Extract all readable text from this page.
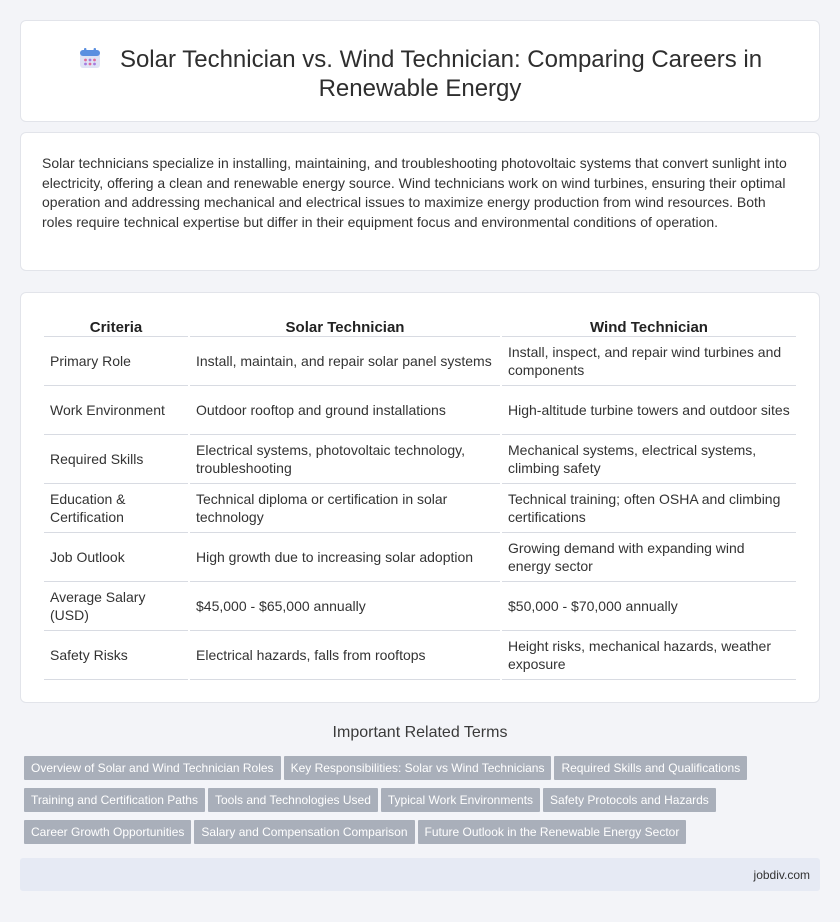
Solar Technician vs. Wind Technician: Comparing Careers in Renewable Energy

Solar technicians specialize in installing, maintaining, and troubleshooting photovoltaic systems that convert sunlight into electricity, offering a clean and renewable energy source. Wind technicians work on wind turbines, ensuring their optimal operation and addressing mechanical and electrical issues to maximize energy production from wind resources. Both roles require technical expertise but differ in their equipment focus and environmental conditions of operation.

Criteria	Solar Technician	Wind Technician
Primary Role	Install, maintain, and repair solar panel systems	Install, inspect, and repair wind turbines and components
Work Environment	Outdoor rooftop and ground installations	High-altitude turbine towers and outdoor sites
Required Skills	Electrical systems, photovoltaic technology, troubleshooting	Mechanical systems, electrical systems, climbing safety
Education & Certification	Technical diploma or certification in solar technology	Technical training; often OSHA and climbing certifications
Job Outlook	High growth due to increasing solar adoption	Growing demand with expanding wind energy sector
Average Salary (USD)	$45,000 - $65,000 annually	$50,000 - $70,000 annually
Safety Risks	Electrical hazards, falls from rooftops	Height risks, mechanical hazards, weather exposure
Important Related Terms
Overview of Solar and Wind Technician Roles Key Responsibilities: Solar vs Wind Technicians Required Skills and Qualifications
Training and Certification Paths Tools and Technologies Used Typical Work Environments Safety Protocols and Hazards
Career Growth Opportunities Salary and Compensation Comparison Future Outlook in the Renewable Energy Sector
jobdiv.com
